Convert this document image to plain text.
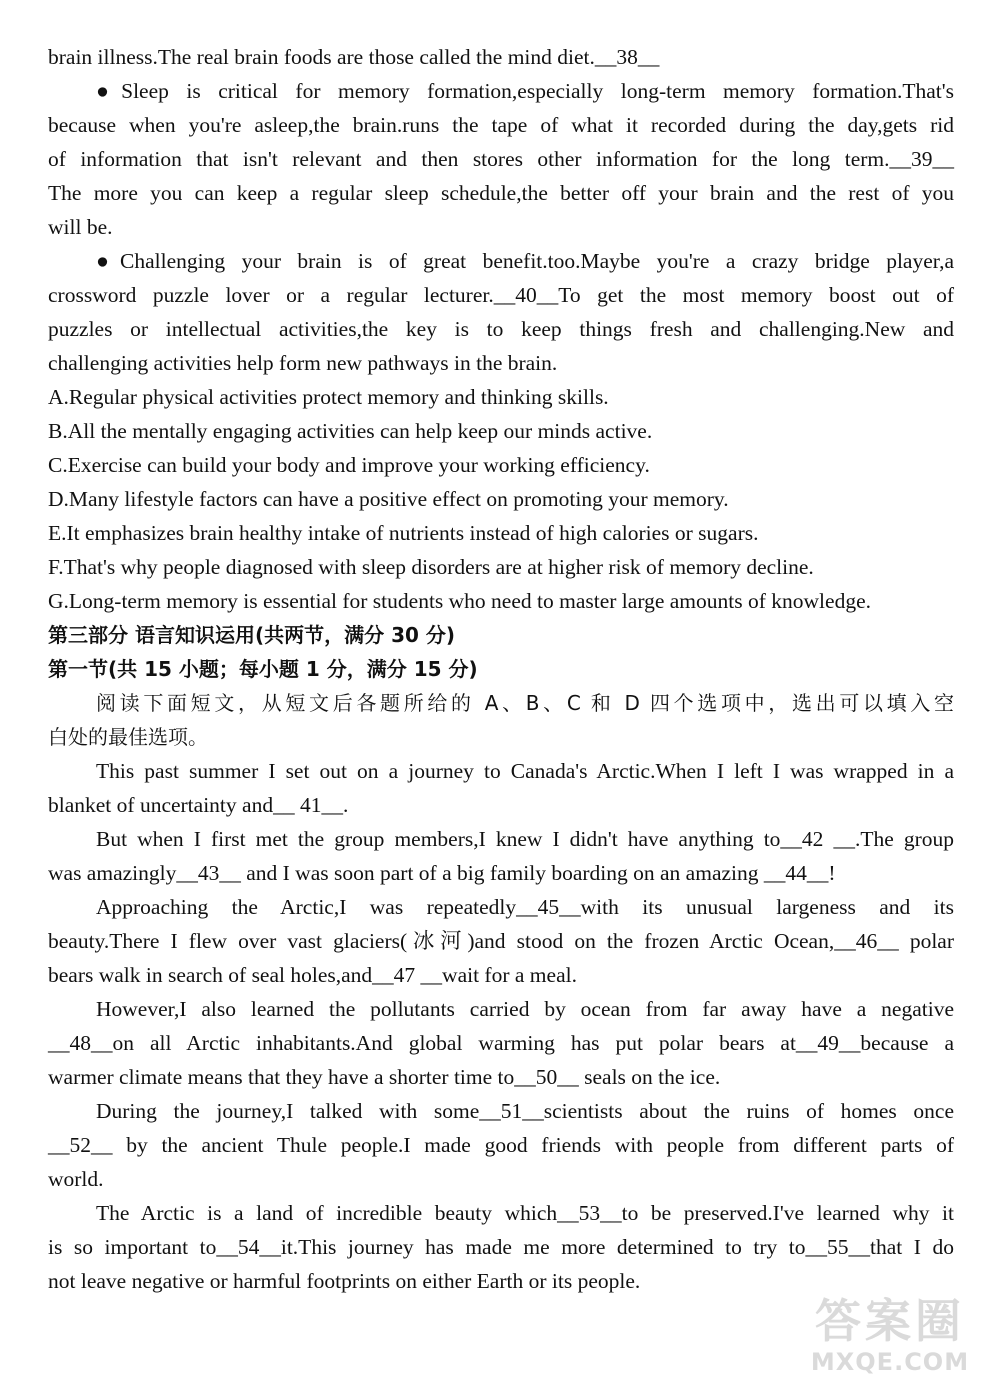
brain illness.The real brain foods are those called the mind diet.__38__
●Sleep is critical for memory formation,especially long-term memory formation.That's
because when you're asleep,the brain.runs the tape of what it recorded during the day,gets rid
of information that isn't relevant and then stores other information for the long term.__39__
The more you can keep a regular sleep schedule,the better off your brain and the rest of you
will be.
●Challenging your brain is of great benefit.too.Maybe you're a crazy bridge player,a
crossword puzzle lover or a regular lecturer.__40__To get the most memory boost out of
puzzles or intellectual activities,the key is to keep things fresh and challenging.New and
challenging activities help form new pathways in the brain.
A.Regular physical activities protect memory and thinking skills.
B.All the mentally engaging activities can help keep our minds active.
C.Exercise can build your body and improve your working efficiency.
D.Many lifestyle factors can have a positive effect on promoting your memory.
E.It emphasizes brain healthy intake of nutrients instead of high calories or sugars.
F.That's why people diagnosed with sleep disorders are at higher risk of memory decline.
G.Long-term memory is essential for students who need to master large amounts of knowledge.
第三部分 语言知识运用(共两节，满分 30 分)
第一节(共 15 小题；每小题 1 分，满分 15 分)
阅读下面短文，从短文后各题所给的 A、B、C 和 D 四个选项中，选出可以填入空
白处的最佳选项。
This past summer I set out on a journey to Canada's Arctic.When I left I was wrapped in a
blanket of uncertainty and__ 41__.
But when I first met the group members,I knew I didn't have anything to__42 __.The group
was amazingly__43__ and I was soon part of a big family boarding on an amazing __44__!
Approaching the Arctic,I was repeatedly__45__with its unusual largeness and its
beauty.There I flew over vast glaciers(冰河)and stood on the frozen Arctic Ocean,__46__ polar
bears walk in search of seal holes,and__47 __wait for a meal.
However,I also learned the pollutants carried by ocean from far away have a negative
__48__on all Arctic inhabitants.And global warming has put polar bears at__49__because a
warmer climate means that they have a shorter time to__50__ seals on the ice.
During the journey,I talked with some__51__scientists about the ruins of homes once
__52__ by the ancient Thule people.I made good friends with people from different parts of
world.
The Arctic is a land of incredible beauty which__53__to be preserved.I've learned why it
is so important to__54__it.This journey has made me more determined to try to__55__that I do
not leave negative or harmful footprints on either Earth or its people.
答案圈
MXQE.COM
